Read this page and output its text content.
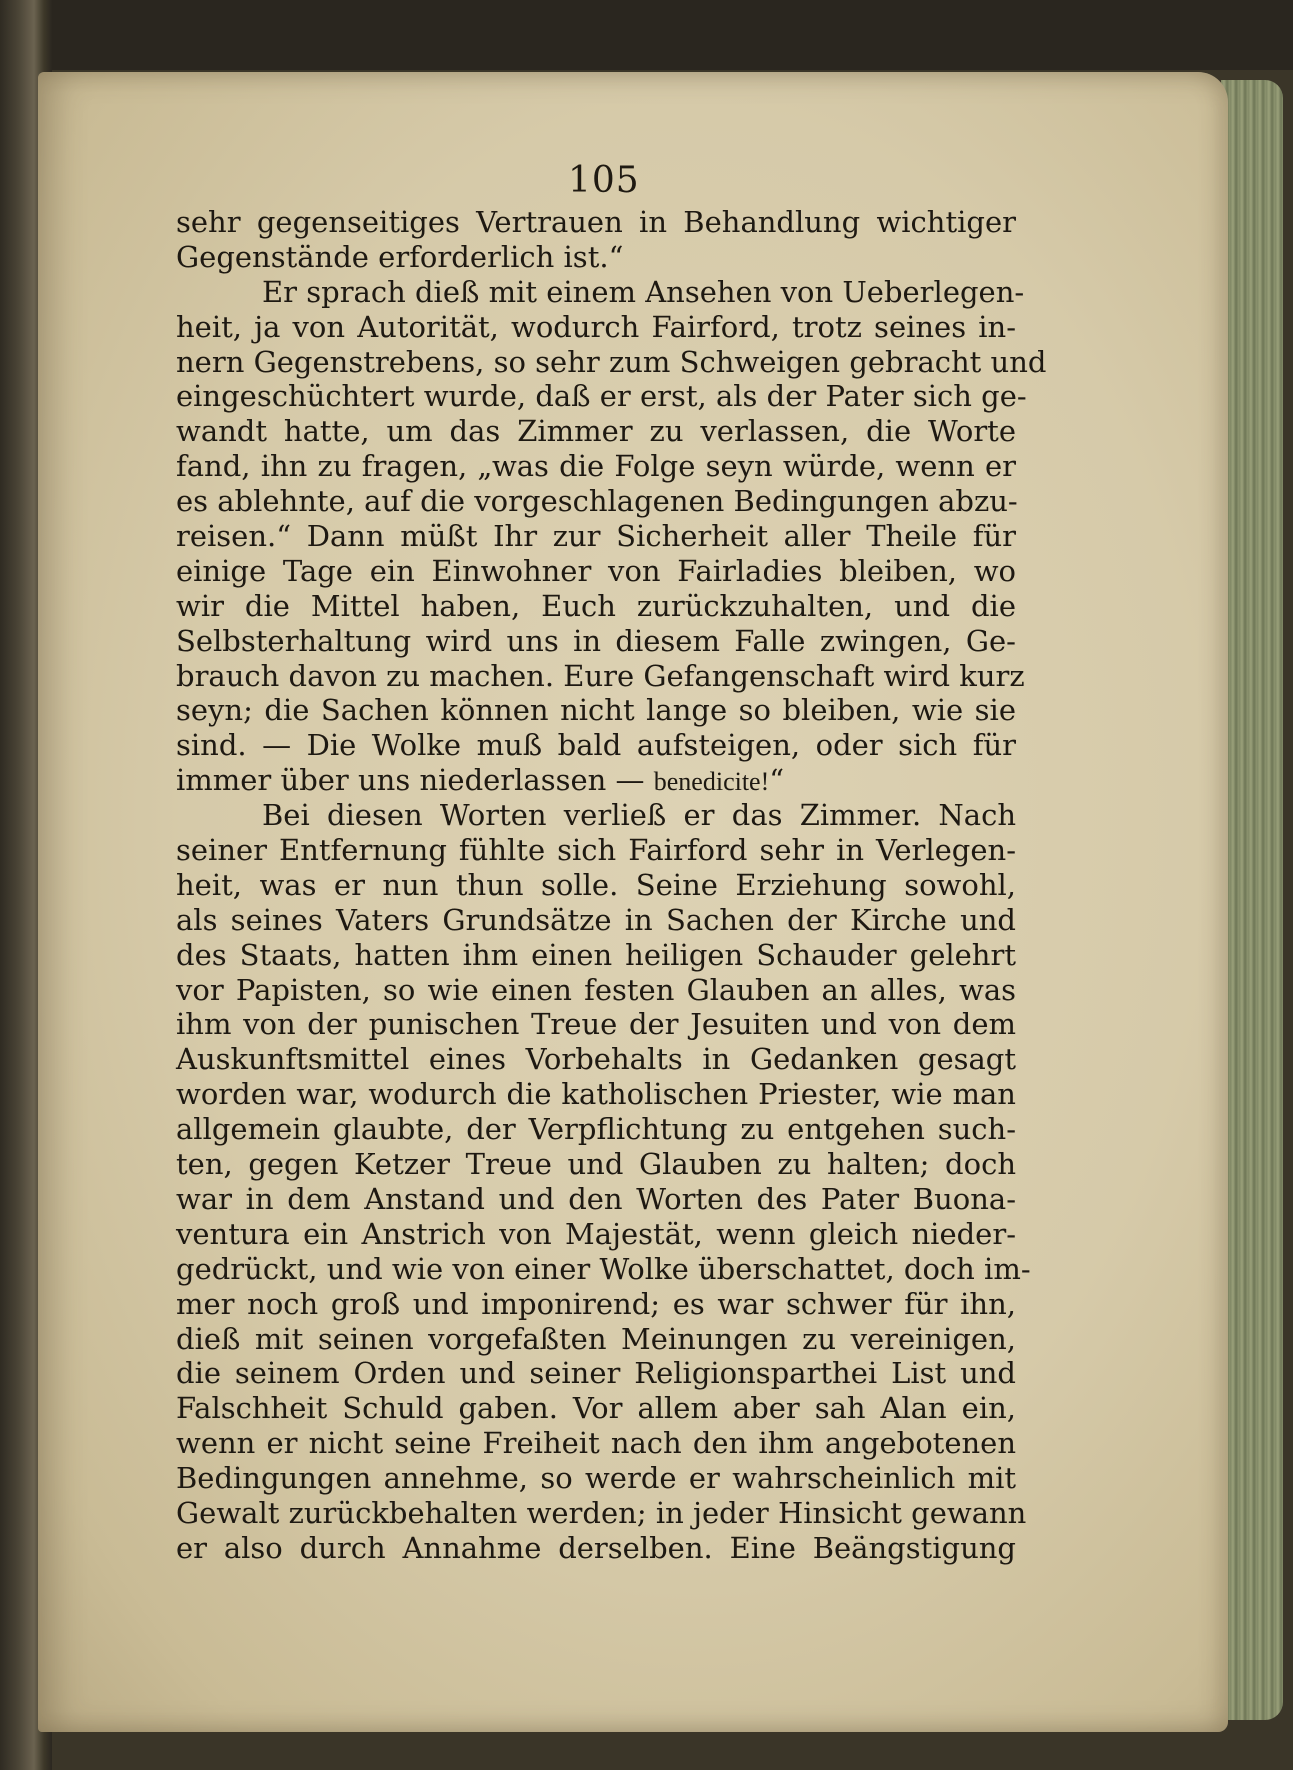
105
sehr gegenseitiges Vertrauen in Behandlung wichtiger
Gegenstände erforderlich ist.“
Er sprach dieß mit einem Ansehen von Ueberlegen-
heit, ja von Autorität, wodurch Fairford, trotz seines in-
nern Gegenstrebens, so sehr zum Schweigen gebracht und
eingeschüchtert wurde, daß er erst, als der Pater sich ge-
wandt hatte, um das Zimmer zu verlassen, die Worte
fand, ihn zu fragen, „was die Folge seyn würde, wenn er
es ablehnte, auf die vorgeschlagenen Bedingungen abzu-
reisen.“ Dann müßt Ihr zur Sicherheit aller Theile für
einige Tage ein Einwohner von Fairladies bleiben, wo
wir die Mittel haben, Euch zurückzuhalten, und die
Selbsterhaltung wird uns in diesem Falle zwingen, Ge-
brauch davon zu machen. Eure Gefangenschaft wird kurz
seyn; die Sachen können nicht lange so bleiben, wie sie
sind. — Die Wolke muß bald aufsteigen, oder sich für
immer über uns niederlassen — benedicite!“
Bei diesen Worten verließ er das Zimmer. Nach
seiner Entfernung fühlte sich Fairford sehr in Verlegen-
heit, was er nun thun solle. Seine Erziehung sowohl,
als seines Vaters Grundsätze in Sachen der Kirche und
des Staats, hatten ihm einen heiligen Schauder gelehrt
vor Papisten, so wie einen festen Glauben an alles, was
ihm von der punischen Treue der Jesuiten und von dem
Auskunftsmittel eines Vorbehalts in Gedanken gesagt
worden war, wodurch die katholischen Priester, wie man
allgemein glaubte, der Verpflichtung zu entgehen such-
ten, gegen Ketzer Treue und Glauben zu halten; doch
war in dem Anstand und den Worten des Pater Buona-
ventura ein Anstrich von Majestät, wenn gleich nieder-
gedrückt, und wie von einer Wolke überschattet, doch im-
mer noch groß und imponirend; es war schwer für ihn,
dieß mit seinen vorgefaßten Meinungen zu vereinigen,
die seinem Orden und seiner Religionsparthei List und
Falschheit Schuld gaben. Vor allem aber sah Alan ein,
wenn er nicht seine Freiheit nach den ihm angebotenen
Bedingungen annehme, so werde er wahrscheinlich mit
Gewalt zurückbehalten werden; in jeder Hinsicht gewann
er also durch Annahme derselben. Eine Beängstigung
